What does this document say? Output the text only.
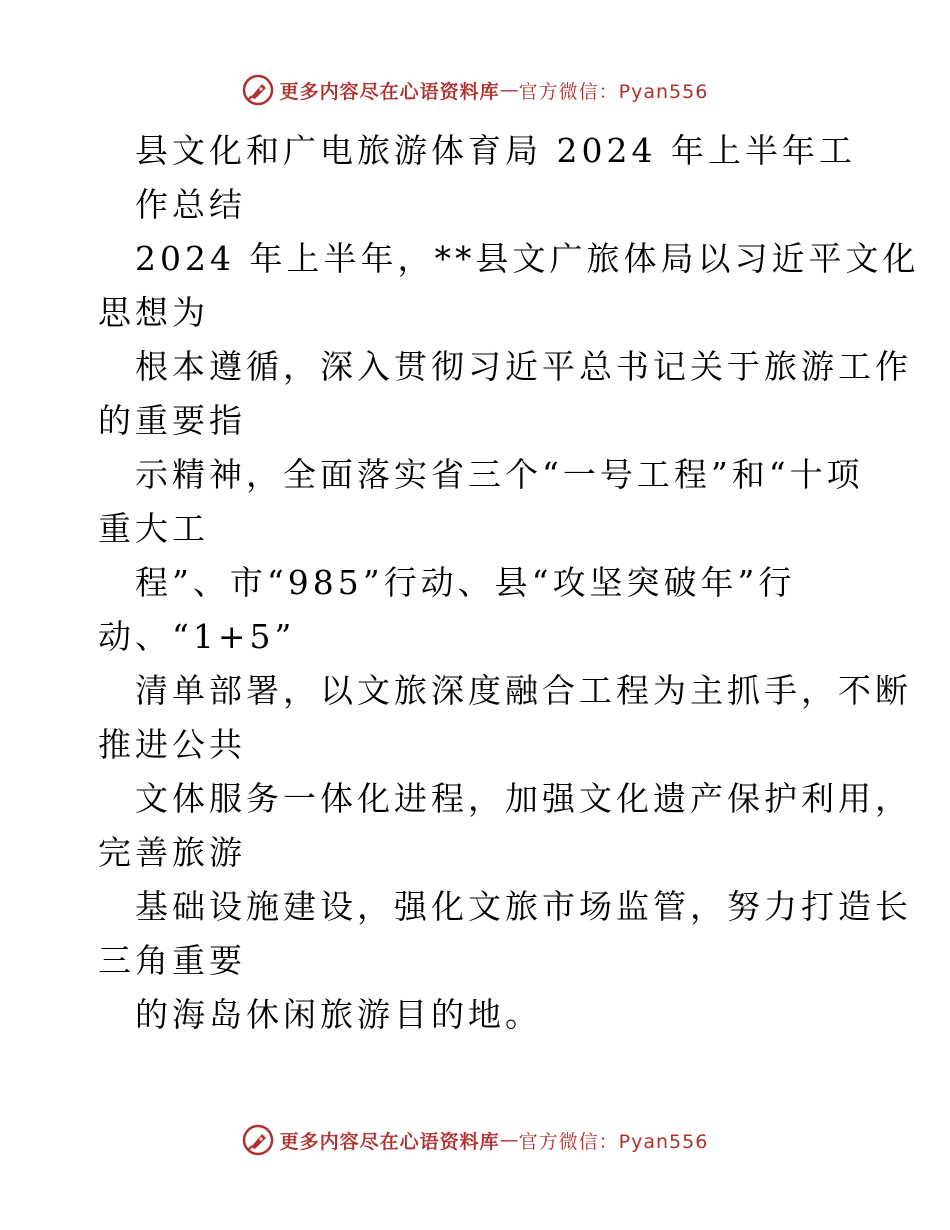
更多内容尽在心语资料库 — 官方微信：Pyan556
县文化和广电旅游体育局 2024 年上半年工
作总结
2024 年上半年，**县文广旅体局以习近平文化
思想为
根本遵循，深入贯彻习近平总书记关于旅游工作
的重要指
示精神，全面落实省三个“一号工程”和“十项
重大工
程”、市“985”行动、县“攻坚突破年”行
动、“1+5”
清单部署，以文旅深度融合工程为主抓手，不断
推进公共
文体服务一体化进程，加强文化遗产保护利用，
完善旅游
基础设施建设，强化文旅市场监管，努力打造长
三角重要
的海岛休闲旅游目的地。
更多内容尽在心语资料库 — 官方微信：Pyan556
